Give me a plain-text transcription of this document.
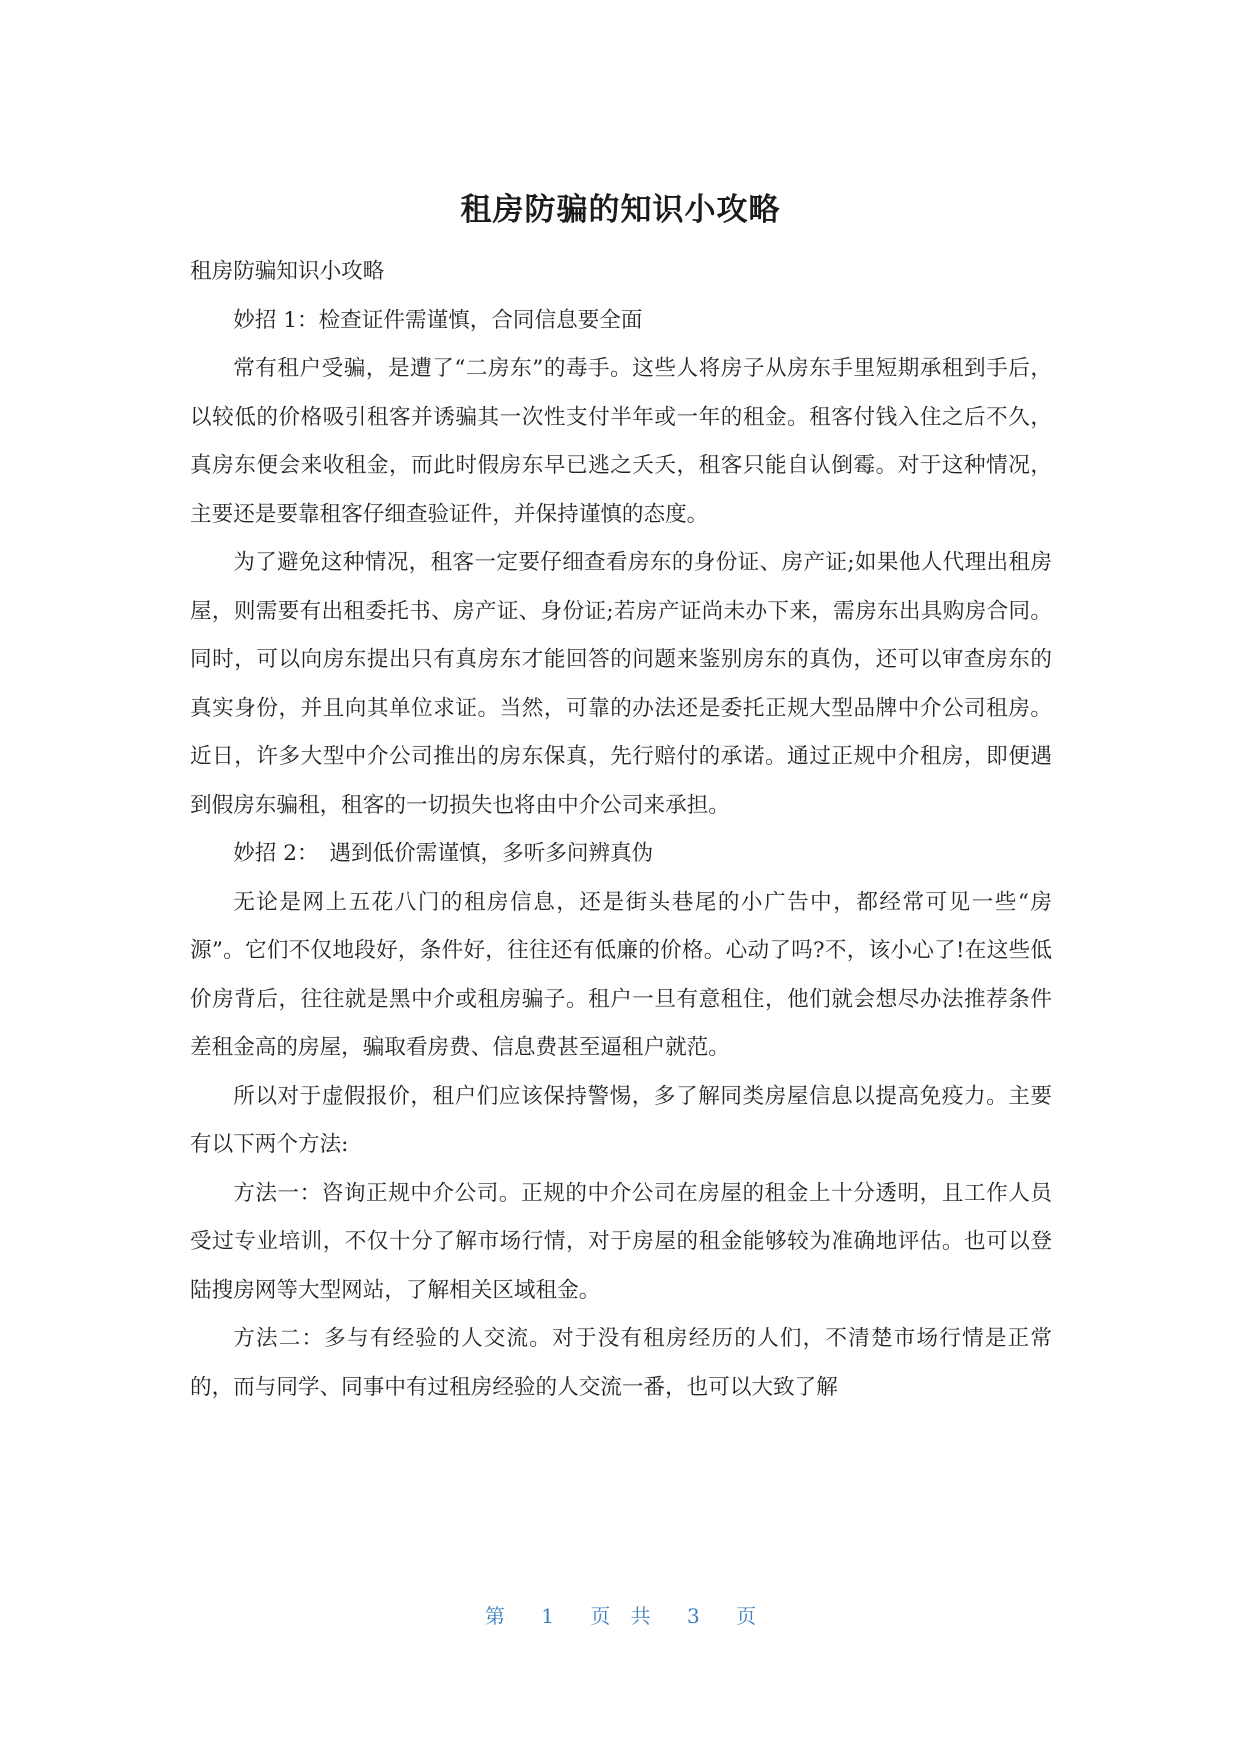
租房防骗的知识小攻略

租房防骗知识小攻略

妙招 1：检查证件需谨慎，合同信息要全面

常有租户受骗，是遭了“二房东”的毒手。这些人将房子从房东手里短期承租到手后，以较低的价格吸引租客并诱骗其一次性支付半年或一年的租金。租客付钱入住之后不久，真房东便会来收租金，而此时假房东早已逃之夭夭，租客只能自认倒霉。对于这种情况，主要还是要靠租客仔细查验证件，并保持谨慎的态度。

为了避免这种情况，租客一定要仔细查看房东的身份证、房产证;如果他人代理出租房屋，则需要有出租委托书、房产证、身份证;若房产证尚未办下来，需房东出具购房合同。同时，可以向房东提出只有真房东才能回答的问题来鉴别房东的真伪，还可以审查房东的真实身份，并且向其单位求证。当然，可靠的办法还是委托正规大型品牌中介公司租房。近日，许多大型中介公司推出的房东保真，先行赔付的承诺。通过正规中介租房，即便遇到假房东骗租，租客的一切损失也将由中介公司来承担。

妙招 2：　遇到低价需谨慎，多听多问辨真伪

无论是网上五花八门的租房信息，还是街头巷尾的小广告中，都经常可见一些“房源”。它们不仅地段好，条件好，往往还有低廉的价格。心动了吗?不，该小心了!在这些低价房背后，往往就是黑中介或租房骗子。租户一旦有意租住，他们就会想尽办法推荐条件差租金高的房屋，骗取看房费、信息费甚至逼租户就范。

所以对于虚假报价，租户们应该保持警惕，多了解同类房屋信息以提高免疫力。主要有以下两个方法:

方法一：咨询正规中介公司。正规的中介公司在房屋的租金上十分透明，且工作人员受过专业培训，不仅十分了解市场行情，对于房屋的租金能够较为准确地评估。也可以登陆搜房网等大型网站，了解相关区域租金。

方法二：多与有经验的人交流。对于没有租房经历的人们，不清楚市场行情是正常的，而与同学、同事中有过租房经验的人交流一番，也可以大致了解

第 1 页 共 3 页
